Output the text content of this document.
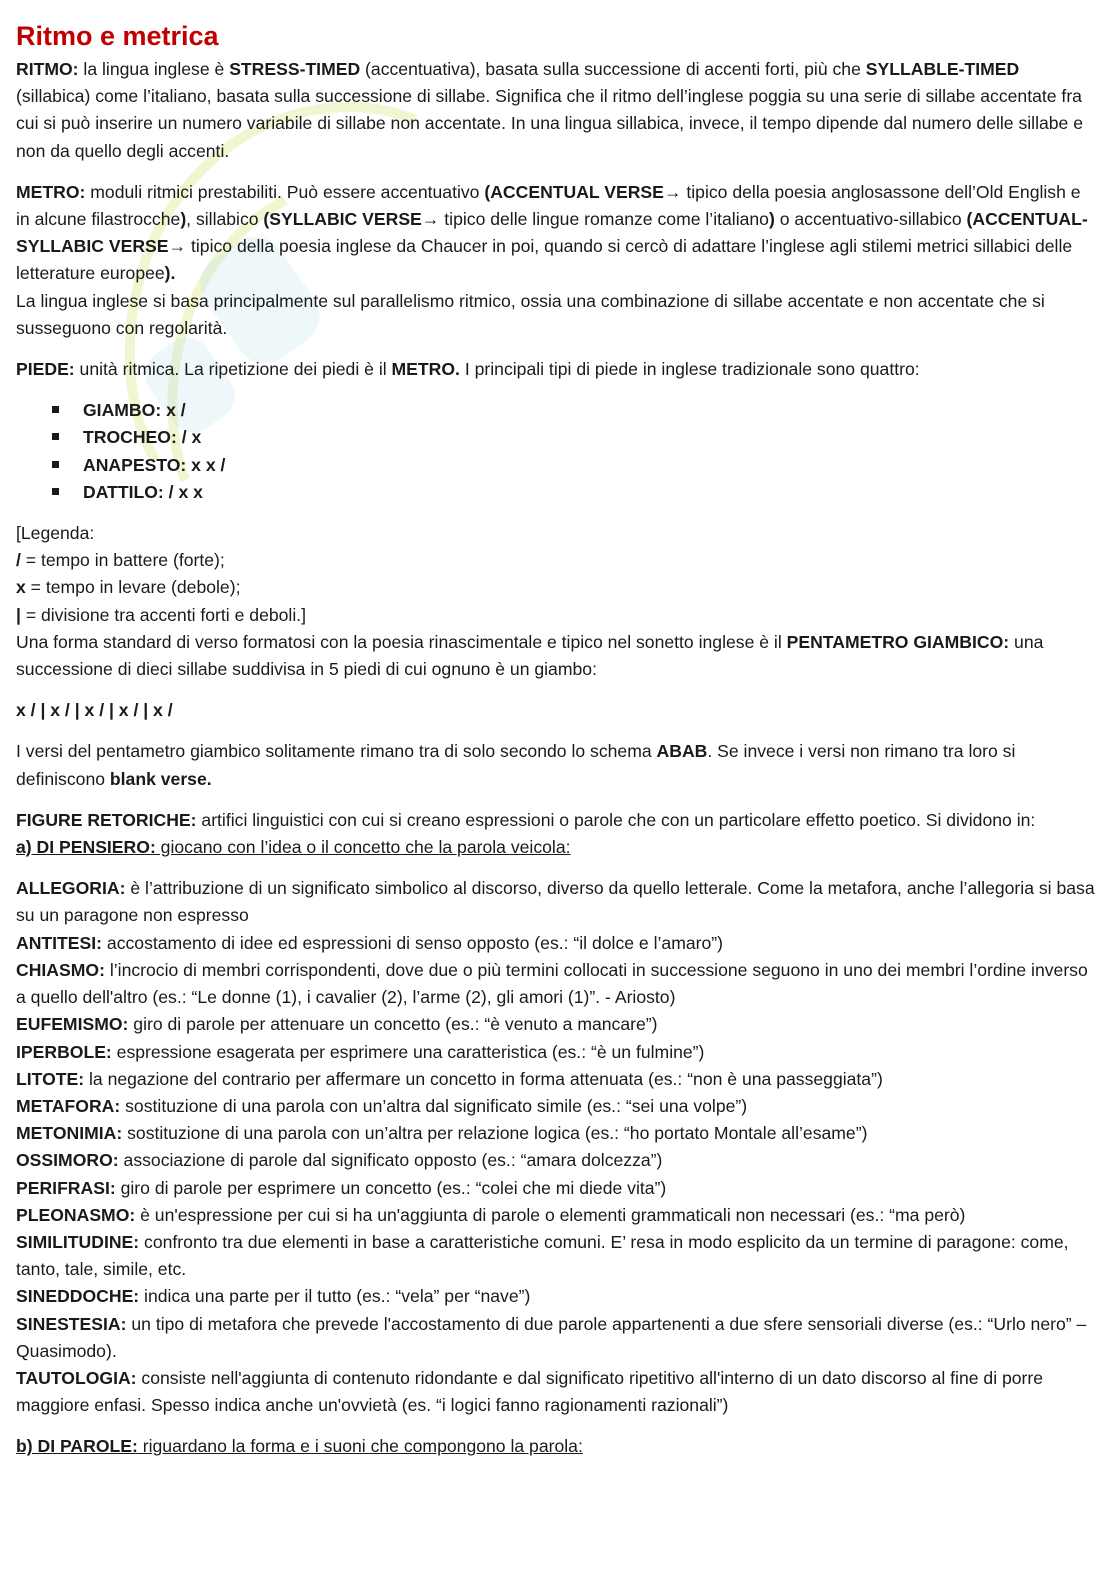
Ritmo e metrica

RITMO: la lingua inglese è STRESS-TIMED (accentuativa), basata sulla successione di accenti forti, più che SYLLABLE-TIMED (sillabica) come l’italiano, basata sulla successione di sillabe. Significa che il ritmo dell’inglese poggia su una serie di sillabe accentate fra cui si può inserire un numero variabile di sillabe non accentate. In una lingua sillabica, invece, il tempo dipende dal numero delle sillabe e non da quello degli accenti.

METRO: moduli ritmici prestabiliti. Può essere accentuativo (ACCENTUAL VERSE→ tipico della poesia anglosassone dell’Old English e in alcune filastrocche), sillabico (SYLLABIC VERSE→ tipico delle lingue romanze come l’italiano) o accentuativo-sillabico (ACCENTUAL-SYLLABIC VERSE→ tipico della poesia inglese da Chaucer in poi, quando si cercò di adattare l’inglese agli stilemi metrici sillabici delle letterature europee).

La lingua inglese si basa principalmente sul parallelismo ritmico, ossia una combinazione di sillabe accentate e non accentate che si susseguono con regolarità.

PIEDE: unità ritmica. La ripetizione dei piedi è il METRO. I principali tipi di piede in inglese tradizionale sono quattro:

GIAMBO: x /
TROCHEO: / x
ANAPESTO: x x /
DATTILO: / x x

[Legenda:

/ = tempo in battere (forte);

x = tempo in levare (debole);

| = divisione tra accenti forti e deboli.]

Una forma standard di verso formatosi con la poesia rinascimentale e tipico nel sonetto inglese è il PENTAMETRO GIAMBICO: una successione di dieci sillabe suddivisa in 5 piedi di cui ognuno è un giambo:

x / | x / | x / | x / | x /

I versi del pentametro giambico solitamente rimano tra di solo secondo lo schema ABAB. Se invece i versi non rimano tra loro si definiscono blank verse.

FIGURE RETORICHE: artifici linguistici con cui si creano espressioni o parole che con un particolare effetto poetico. Si dividono in:

a) DI PENSIERO: giocano con l’idea o il concetto che la parola veicola:

ALLEGORIA: è l’attribuzione di un significato simbolico al discorso, diverso da quello letterale. Come la metafora, anche l’allegoria si basa su un paragone non espresso

ANTITESI: accostamento di idee ed espressioni di senso opposto (es.: “il dolce e l’amaro”)

CHIASMO: l’incrocio di membri corrispondenti, dove due o più termini collocati in successione seguono in uno dei membri l’ordine inverso a quello dell'altro (es.: “Le donne (1), i cavalier (2), l’arme (2), gli amori (1)”. - Ariosto)

EUFEMISMO: giro di parole per attenuare un concetto (es.: “è venuto a mancare”)

IPERBOLE: espressione esagerata per esprimere una caratteristica (es.: “è un fulmine”)

LITOTE: la negazione del contrario per affermare un concetto in forma attenuata (es.: “non è una passeggiata”)

METAFORA: sostituzione di una parola con un’altra dal significato simile (es.: “sei una volpe”)

METONIMIA: sostituzione di una parola con un’altra per relazione logica (es.: “ho portato Montale all’esame”)

OSSIMORO: associazione di parole dal significato opposto (es.: “amara dolcezza”)

PERIFRASI: giro di parole per esprimere un concetto (es.: “colei che mi diede vita”)

PLEONASMO: è un'espressione per cui si ha un'aggiunta di parole o elementi grammaticali non necessari (es.: “ma però)

SIMILITUDINE: confronto tra due elementi in base a caratteristiche comuni. E’ resa in modo esplicito da un termine di paragone: come, tanto, tale, simile, etc.

SINEDDOCHE: indica una parte per il tutto (es.: “vela” per “nave”)

SINESTESIA: un tipo di metafora che prevede l'accostamento di due parole appartenenti a due sfere sensoriali diverse (es.: “Urlo nero” – Quasimodo).

TAUTOLOGIA: consiste nell'aggiunta di contenuto ridondante e dal significato ripetitivo all'interno di un dato discorso al fine di porre maggiore enfasi. Spesso indica anche un'ovvietà (es. “i logici fanno ragionamenti razionali”)

b) DI PAROLE: riguardano la forma e i suoni che compongono la parola:
